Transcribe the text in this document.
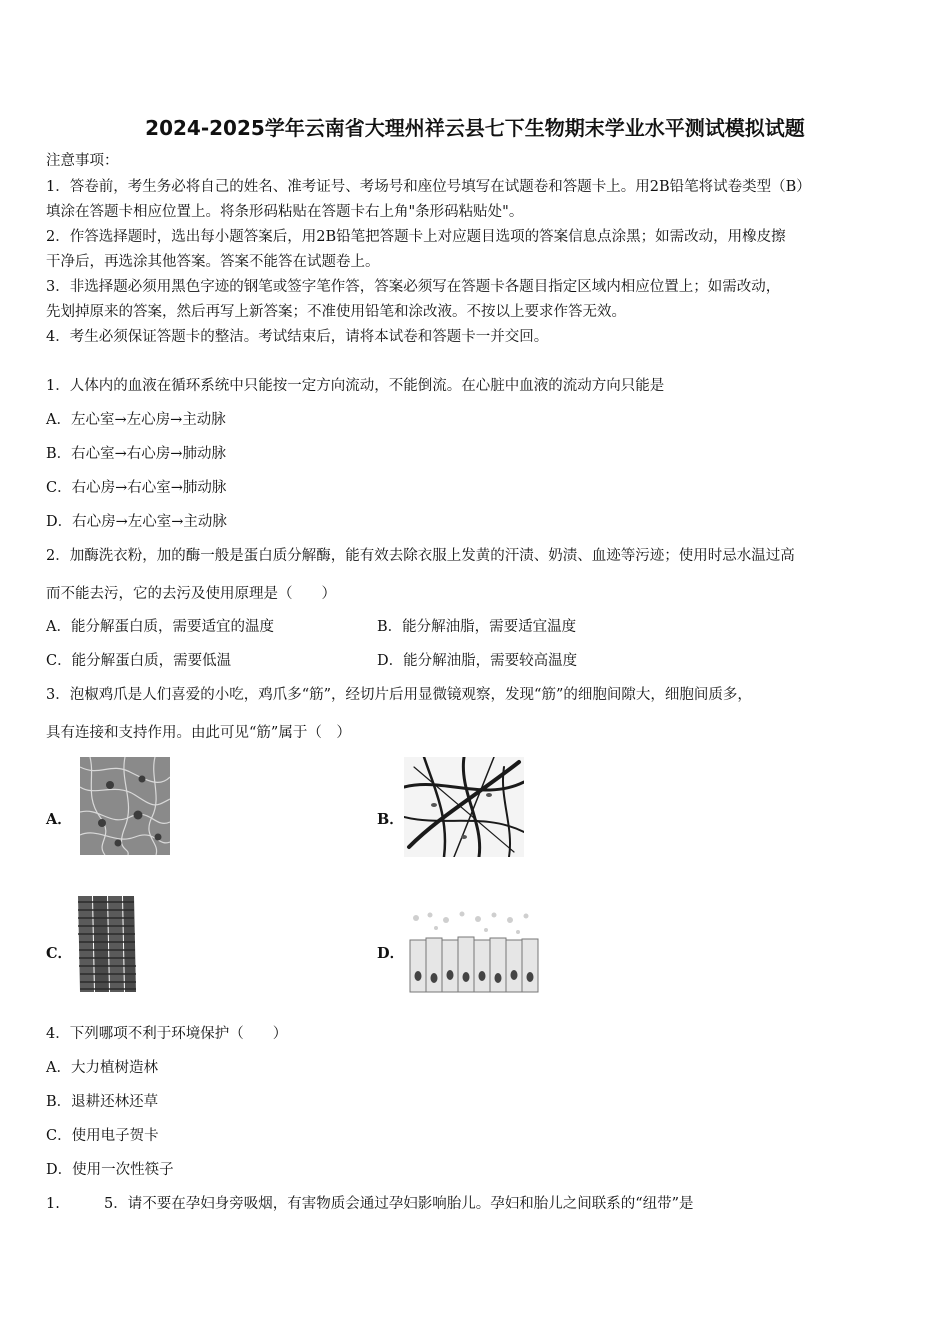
2024-2025学年云南省大理州祥云县七下生物期末学业水平测试模拟试题
注意事项：
1．答卷前，考生务必将自己的姓名、准考证号、考场号和座位号填写在试题卷和答题卡上。用2B铅笔将试卷类型（B）
填涂在答题卡相应位置上。将条形码粘贴在答题卡右上角"条形码粘贴处"。
2．作答选择题时，选出每小题答案后，用2B铅笔把答题卡上对应题目选项的答案信息点涂黑；如需改动，用橡皮擦
干净后，再选涂其他答案。答案不能答在试题卷上。
3．非选择题必须用黑色字迹的钢笔或签字笔作答，答案必须写在答题卡各题目指定区域内相应位置上；如需改动，
先划掉原来的答案，然后再写上新答案；不准使用铅笔和涂改液。不按以上要求作答无效。
4．考生必须保证答题卡的整洁。考试结束后，请将本试卷和答题卡一并交回。
1．人体内的血液在循环系统中只能按一定方向流动，不能倒流。在心脏中血液的流动方向只能是
A．左心室→左心房→主动脉
B．右心室→右心房→肺动脉
C．右心房→右心室→肺动脉
D．右心房→左心室→主动脉
2．加酶洗衣粉，加的酶一般是蛋白质分解酶，能有效去除衣服上发黄的汗渍、奶渍、血迹等污迹；使用时忌水温过高
而不能去污，它的去污及使用原理是（　　）
A．能分解蛋白质，需要适宜的温度	B．能分解油脂，需要适宜温度
C．能分解蛋白质，需要低温	D．能分解油脂，需要较高温度
3．泡椒鸡爪是人们喜爱的小吃，鸡爪多“筋”，经切片后用显微镜观察，发现“筋”的细胞间隙大，细胞间质多，
具有连接和支持作用。由此可见“筋”属于（　）
A．	B．
C．	D．
4．下列哪项不利于环境保护（　　）
A．大力植树造林
B．退耕还林还草
C．使用电子贺卡
D．使用一次性筷子
1.	5．请不要在孕妇身旁吸烟，有害物质会通过孕妇影响胎儿。孕妇和胎儿之间联系的“纽带”是
